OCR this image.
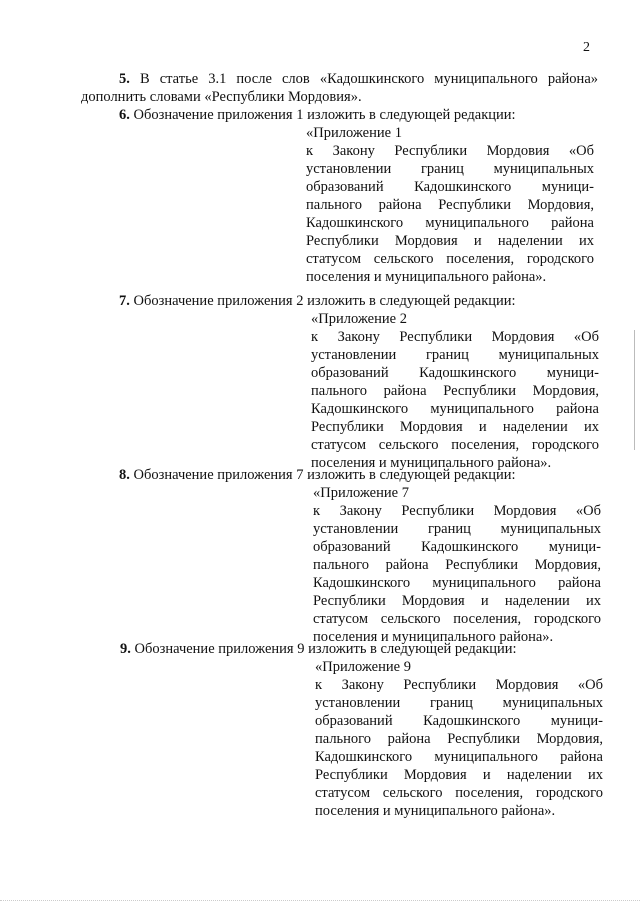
2
5. В статье 3.1 после слов «Кадошкинского муниципального района»
дополнить словами «Республики Мордовия».
6. Обозначение приложения 1 изложить в следующей редакции:
«Приложение 1
к Закону Республики Мордовия «Об
установлении границ муниципальных
образований Кадошкинского муници-
пального района Республики Мордовия,
Кадошкинского муниципального района
Республики Мордовия и наделении их
статусом сельского поселения, городского
поселения и муниципального района».
7. Обозначение приложения 2 изложить в следующей редакции:
«Приложение 2
к Закону Республики Мордовия «Об
установлении границ муниципальных
образований Кадошкинского муници-
пального района Республики Мордовия,
Кадошкинского муниципального района
Республики Мордовия и наделении их
статусом сельского поселения, городского
поселения и муниципального района».
8. Обозначение приложения 7 изложить в следующей редакции:
«Приложение 7
к Закону Республики Мордовия «Об
установлении границ муниципальных
образований Кадошкинского муници-
пального района Республики Мордовия,
Кадошкинского муниципального района
Республики Мордовия и наделении их
статусом сельского поселения, городского
поселения и муниципального района».
9. Обозначение приложения 9 изложить в следующей редакции:
«Приложение 9
к Закону Республики Мордовия «Об
установлении границ муниципальных
образований Кадошкинского муници-
пального района Республики Мордовия,
Кадошкинского муниципального района
Республики Мордовия и наделении их
статусом сельского поселения, городского
поселения и муниципального района».
